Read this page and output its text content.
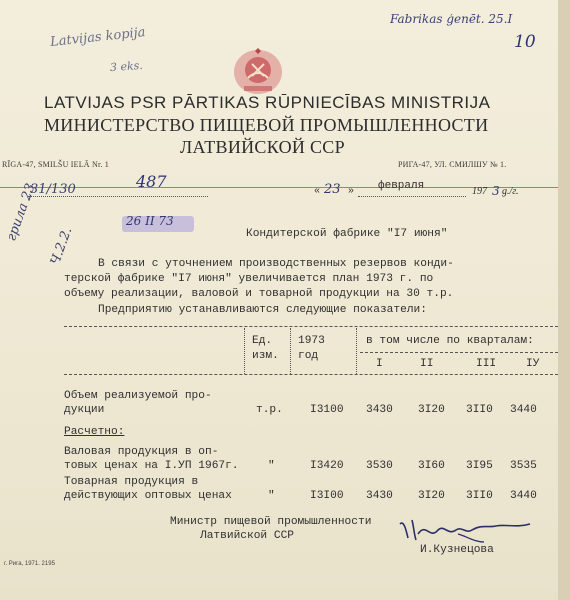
Latvijas kopija
3 eks.
Fabrikas ģenēt. 25.I
10
LATVIJAS PSR PĀRTIKAS RŪPNIECĪBAS MINISTRIJA
МИНИСТЕРСТВО ПИЩЕВОЙ ПРОМЫШЛЕННОСТИ
ЛАТВИЙСКОЙ ССР
RĪGA-47, SMILŠU IELĀ Nr. 1	РИГА-47, УЛ. СМИЛШУ № 1.
31/130	487
« 23 » февраля	197 3 g./г.
26 II 73
грила 23
Ч.2.2.	Кондитерской фабрике "I7 июня"
В связи с уточнением производственных резервов конди-
терской фабрике "I7 июня" увеличивается план 1973 г. по
объему реализации, валовой и товарной продукции на 30 т.р.
Предприятию устанавливаются следующие показатели:
Ед.
изм.
1973
год
в том числе по кварталам:
I	II	III	IУ
Объем реализуемой про-
дукции	т.р. I3100 3430 3I20 3II0 3440
Расчетно:
Валовая продукция в оп-
товых ценах на I.УП 1967г.	"	I3420 3530 3I60 3I95 3535
Товарная продукция в
действующих оптовых ценах	"	I3I00 3430 3I20 3II0 3440
Министр пищевой промышленности
Латвийской ССР
И.Кузнецова
г. Рига, 1971. 2195
